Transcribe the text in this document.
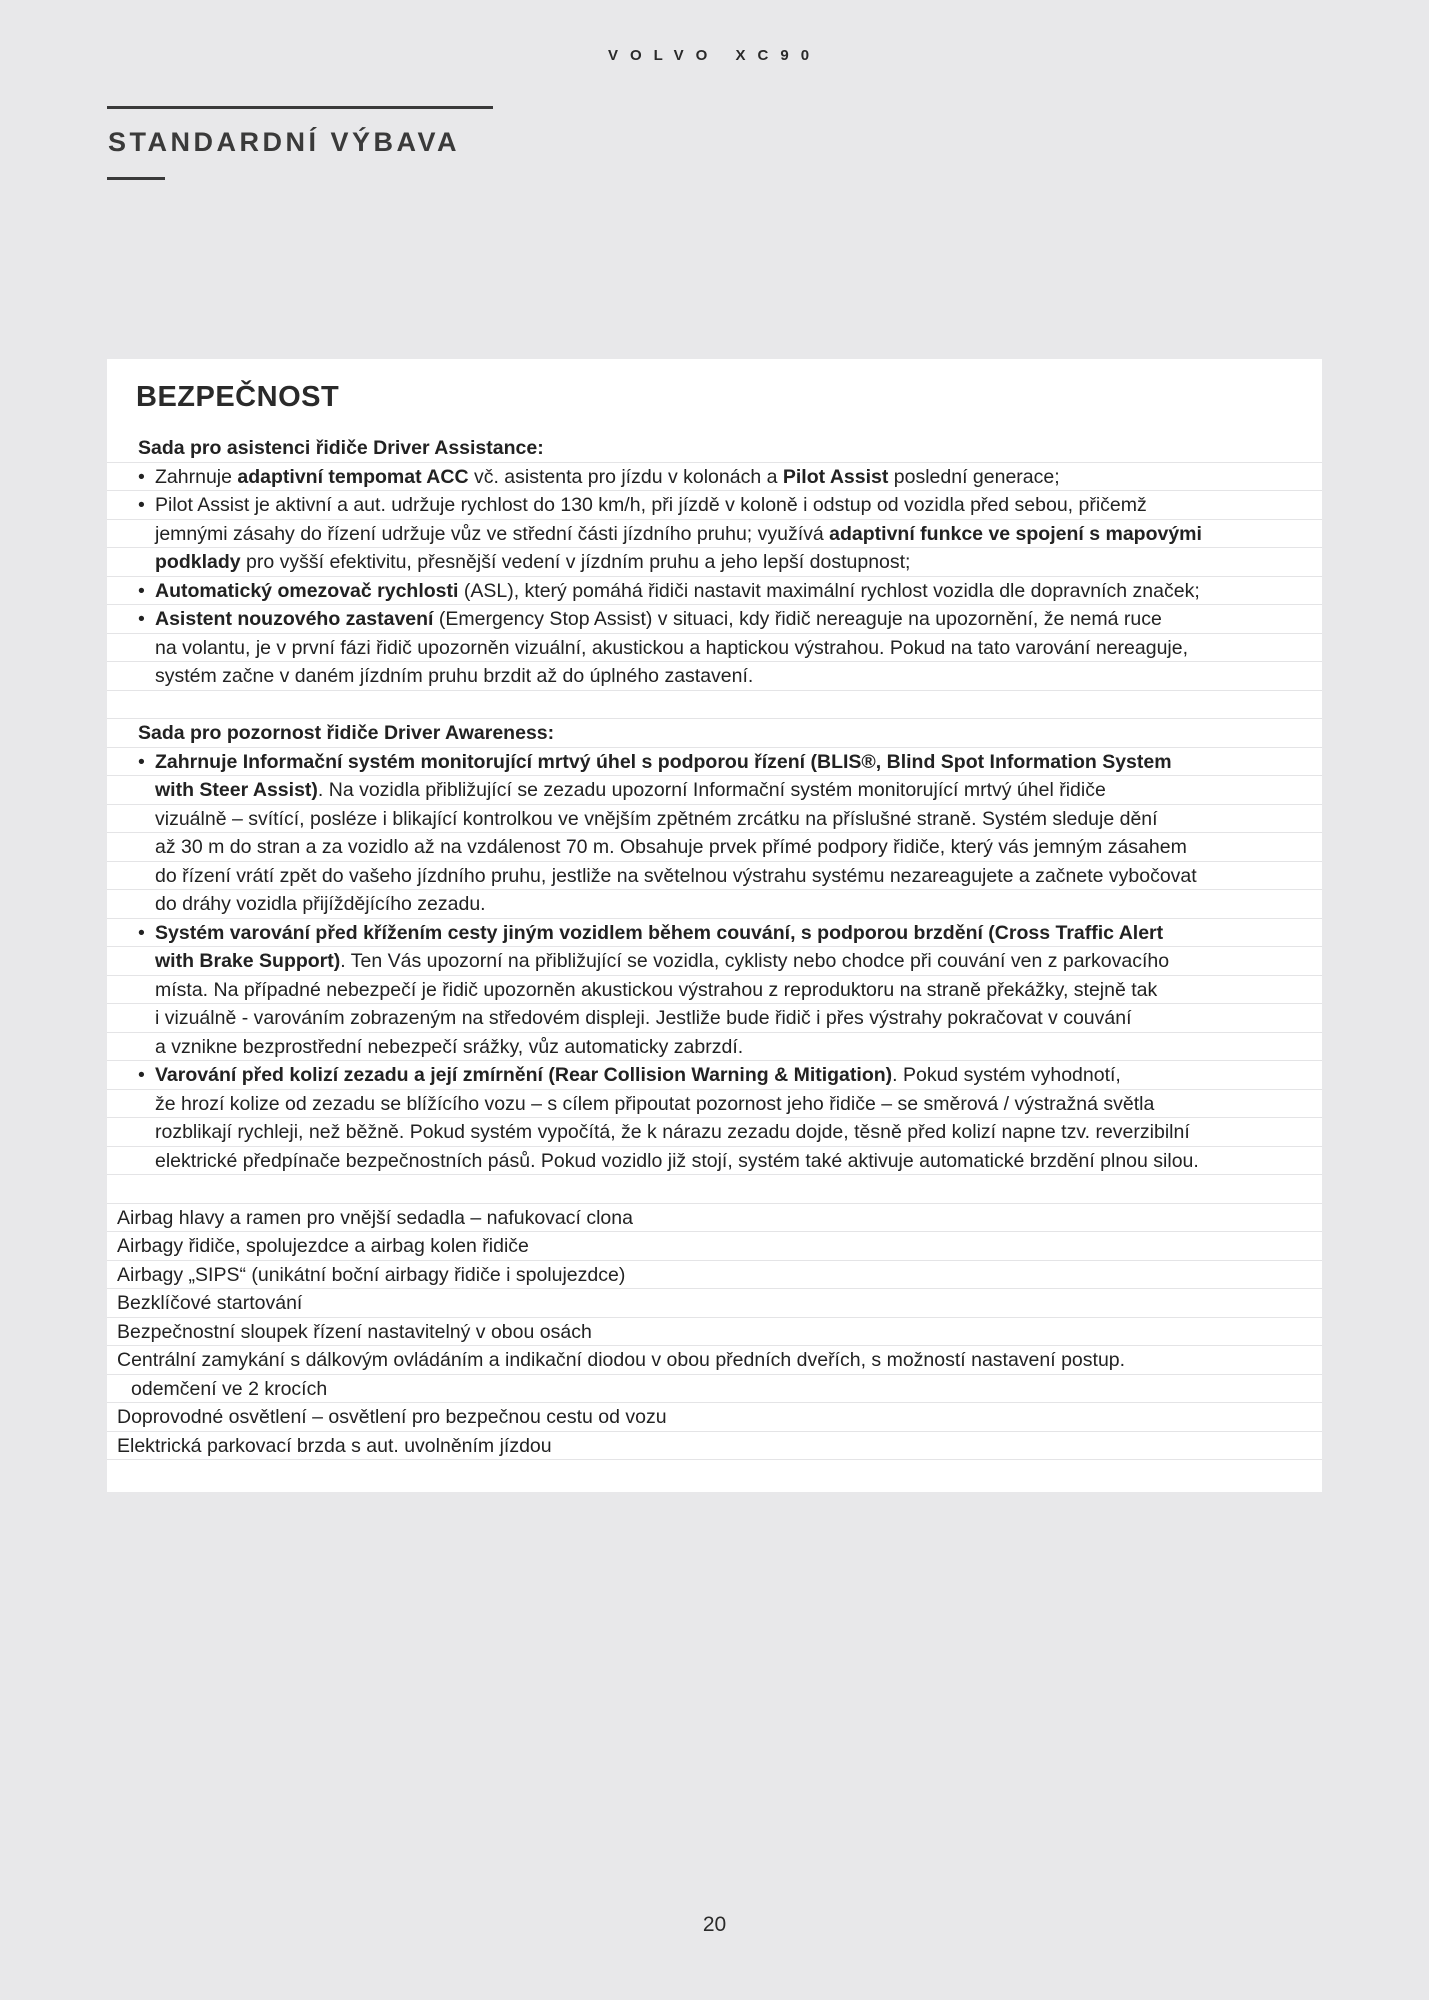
VOLVO XC90
STANDARDNÍ VÝBAVA
BEZPEČNOST
Sada pro asistenci řidiče Driver Assistance:
• Zahrnuje adaptivní tempomat ACC vč. asistenta pro jízdu v kolonách a Pilot Assist poslední generace;
• Pilot Assist je aktivní a aut. udržuje rychlost do 130 km/h, při jízdě v koloně i odstup od vozidla před sebou, přičemž
jemnými zásahy do řízení udržuje vůz ve střední části jízdního pruhu; využívá adaptivní funkce ve spojení s mapovými
podklady pro vyšší efektivitu, přesnější vedení v jízdním pruhu a jeho lepší dostupnost;
• Automatický omezovač rychlosti (ASL), který pomáhá řidiči nastavit maximální rychlost vozidla dle dopravních značek;
• Asistent nouzového zastavení (Emergency Stop Assist) v situaci, kdy řidič nereaguje na upozornění, že nemá ruce
na volantu, je v první fázi řidič upozorněn vizuální, akustickou a haptickou výstrahou. Pokud na tato varování nereaguje,
systém začne v daném jízdním pruhu brzdit až do úplného zastavení.
Sada pro pozornost řidiče Driver Awareness:
• Zahrnuje Informační systém monitorující mrtvý úhel s podporou řízení (BLIS®, Blind Spot Information System
with Steer Assist). Na vozidla přibližující se zezadu upozorní Informační systém monitorující mrtvý úhel řidiče
vizuálně – svítící, posléze i blikající kontrolkou ve vnějším zpětném zrcátku na příslušné straně. Systém sleduje dění
až 30 m do stran a za vozidlo až na vzdálenost 70 m. Obsahuje prvek přímé podpory řidiče, který vás jemným zásahem
do řízení vrátí zpět do vašeho jízdního pruhu, jestliže na světelnou výstrahu systému nezareagujete a začnete vybočovat
do dráhy vozidla přijíždějícího zezadu.
• Systém varování před křížením cesty jiným vozidlem během couvání, s podporou brzdění (Cross Traffic Alert
with Brake Support). Ten Vás upozorní na přibližující se vozidla, cyklisty nebo chodce při couvání ven z parkovacího
místa. Na případné nebezpečí je řidič upozorněn akustickou výstrahou z reproduktoru na straně překážky, stejně tak
i vizuálně - varováním zobrazeným na středovém displeji. Jestliže bude řidič i přes výstrahy pokračovat v couvání
a vznikne bezprostřední nebezpečí srážky, vůz automaticky zabrzdí.
• Varování před kolizí zezadu a její zmírnění (Rear Collision Warning & Mitigation). Pokud systém vyhodnotí,
že hrozí kolize od zezadu se blížícího vozu – s cílem připoutat pozornost jeho řidiče – se směrová / výstražná světla
rozblikají rychleji, než běžně. Pokud systém vypočítá, že k nárazu zezadu dojde, těsně před kolizí napne tzv. reverzibilní
elektrické předpínače bezpečnostních pásů. Pokud vozidlo již stojí, systém také aktivuje automatické brzdění plnou silou.
Airbag hlavy a ramen pro vnější sedadla – nafukovací clona
Airbagy řidiče, spolujezdce a airbag kolen řidiče
Airbagy „SIPS“ (unikátní boční airbagy řidiče i spolujezdce)
Bezklíčové startování
Bezpečnostní sloupek řízení nastavitelný v obou osách
Centrální zamykání s dálkovým ovládáním a indikační diodou v obou předních dveřích, s možností nastavení postup.
odemčení ve 2 krocích
Doprovodné osvětlení – osvětlení pro bezpečnou cestu od vozu
Elektrická parkovací brzda s aut. uvolněním jízdou
20
